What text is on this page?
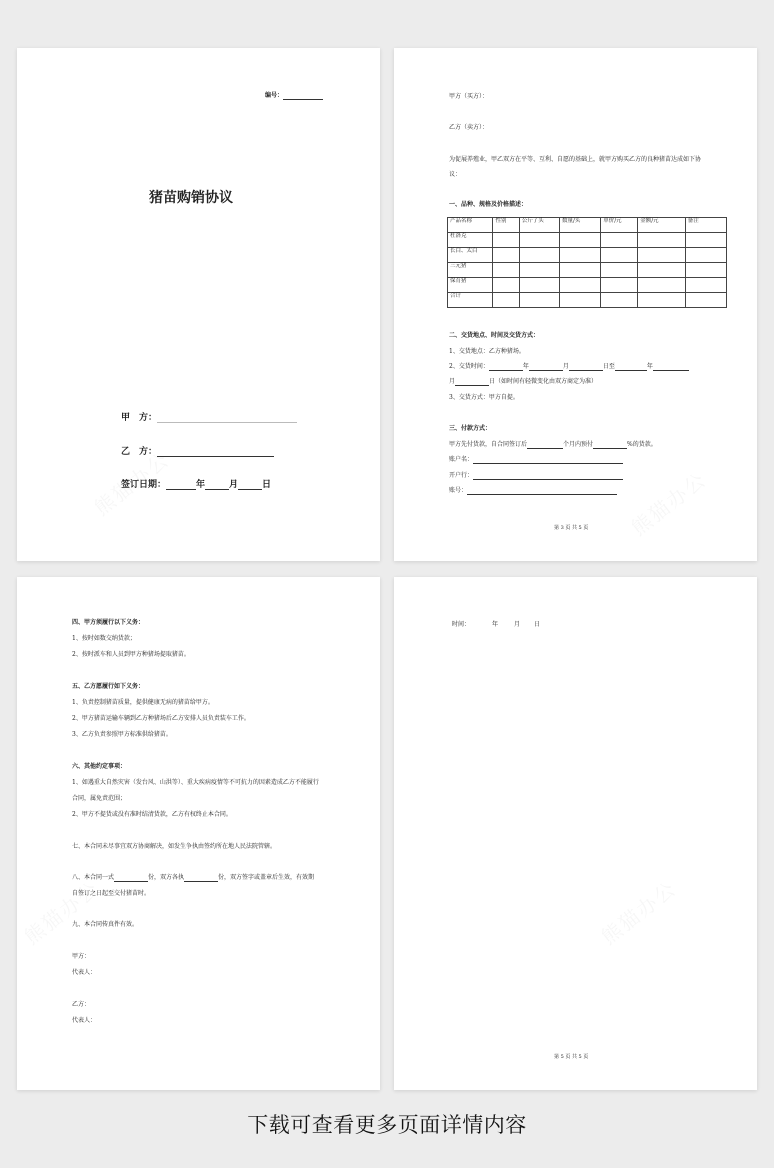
编号：
猪苗购销协议
甲　方：
乙　方：
签订日期：	年	月	日
甲方（买方）：
乙方（卖方）：
为促展养殖业，甲乙双方在平等、互利、自愿的基础上，就甲方购买乙方的良种猪苗达成如下协
议：
一、品种、规格及价格描述：
产品名称	性别	公斤 / 头	数量/头	单价/元	金额/元	备注
杜洛克						
长白、太白						
三元猪						
保育猪						
合计						
二、交货地点、时间及交货方式：
1、交货地点：乙方种猪场。
2、交货时间：	年	月	日至	年
月	日（如时间有轻微变化由双方商定为准）
3、交货方式：甲方自提。
三、付款方式：
甲方先付货款，自合同签订后	个月内预付	%的货款。
账户名：
开户行：
账号：
第 3 页 共 5 页
四、甲方须履行以下义务：
1、按时如数交纳货款；
2、按时派车和人员到甲方种猪场提取猪苗。
五、乙方愿履行如下义务：
1、负责控制猪苗质量，提供健康无病的猪苗给甲方。
2、甲方猪苗运输车辆到乙方种猪场后乙方安排人员负责装车工作。
3、乙方负责参照甲方标准供给猪苗。
六、其他约定事项：
1、如遇重大自然灾害（发台风、山洪等）、重大疾病疫情等不可抗力的因素造成乙方不能履行
合同，属免责范围；
2、甲方不提货或没有准时结清货款，乙方有权终止本合同。
七、本合同未尽事宜双方协商解决，如发生争执由签约所在地人民法院管辖。
八、本合同一式	份，双方各执	份，双方签字或盖章后生效，有效期
自签订之日起至交付猪苗时。
九、本合同传真件有效。
甲方：
代表人：
乙方：
代表人：
时间：	年	月 日
第 5 页 共 5 页
下载可查看更多页面详情内容
